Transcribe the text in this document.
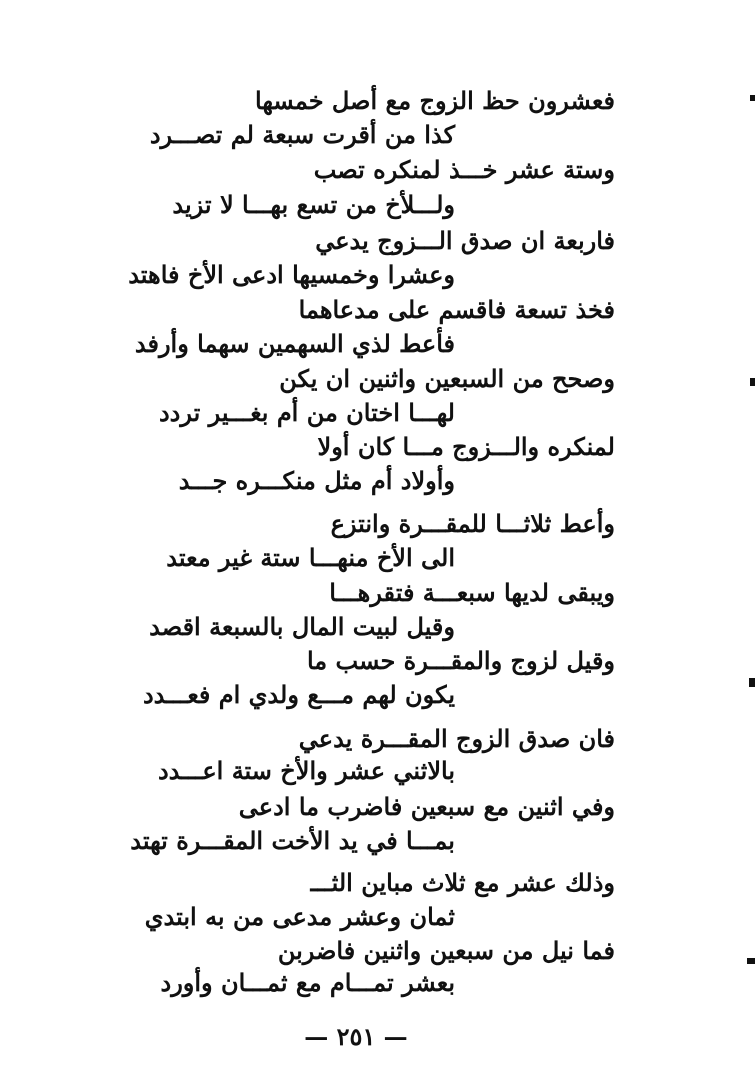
فعشرون حظ الزوج مع أصل خمسها

كذا من أقرت سبعة لم تصـــرد

وستة عشر خـــذ لمنكره تصب

ولـــلأخ من تسع بهـــا لا تزيد

فاربعة ان صدق الـــزوج يدعي

وعشرا وخمسيها ادعى الأخ فاهتد

فخذ تسعة فاقسم على مدعاهما

فأعط لذي السهمين سهما وأرفد

وصحح من السبعين واثنين ان يكن

لهـــا اختان من أم بغـــير تردد

لمنكره والـــزوج مـــا كان أولا

وأولاد أم مثل منكـــره جـــد

وأعط ثلاثـــا للمقـــرة وانتزع

الى الأخ منهـــا ستة غير معتد

ويبقى لديها سبعـــة فتقرهـــا

وقيل لبيت المال بالسبعة اقصد

وقيل لزوج والمقـــرة حسب ما

يكون لهم مـــع ولدي ام فعـــدد

فان صدق الزوج المقـــرة يدعي

بالاثني عشر والأخ ستة اعـــدد

وفي اثنين مع سبعين فاضرب ما ادعى

بمـــا في يد الأخت المقـــرة تهتد

وذلك عشر مع ثلاث مباين الثـــ

ثمان وعشر مدعى من به ابتدي

فما نيل من سبعين واثنين فاضربن

بعشر تمـــام مع ثمـــان وأورد

— ٢٥١ —
